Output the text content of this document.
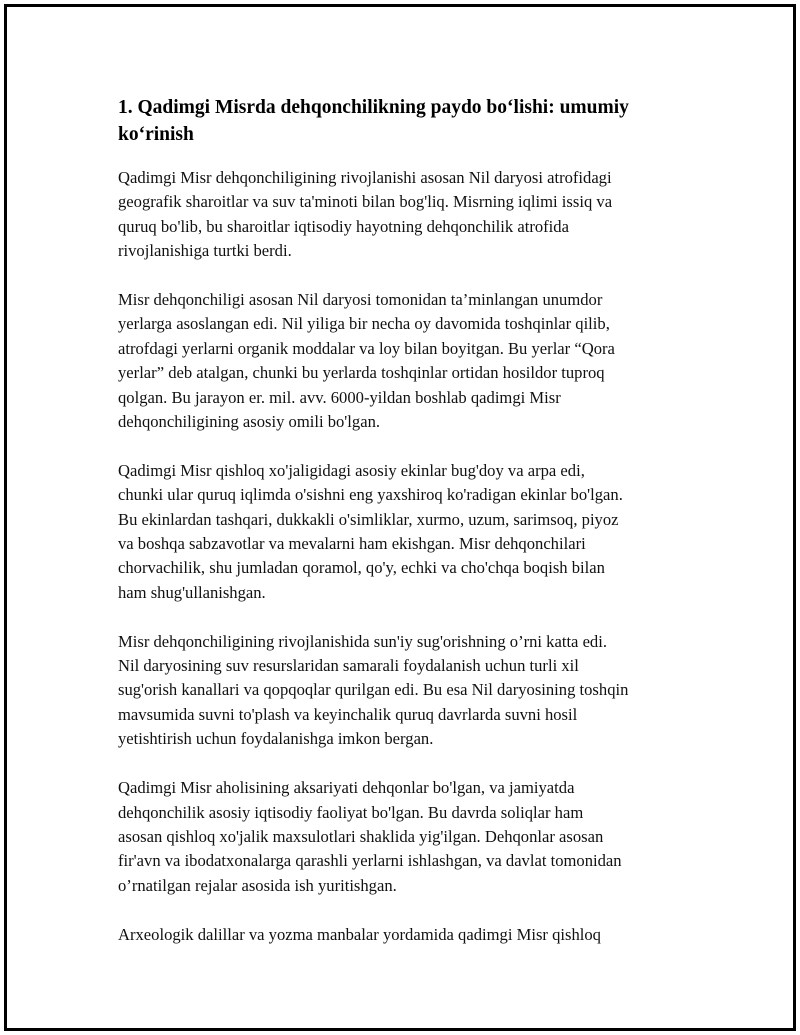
1. Qadimgi Misrda dehqonchilikning paydo bo‘lishi: umumiy
ko‘rinish

Qadimgi Misr dehqonchiligining rivojlanishi asosan Nil daryosi atrofidagi
geografik sharoitlar va suv ta'minoti bilan bog'liq. Misrning iqlimi issiq va
quruq bo'lib, bu sharoitlar iqtisodiy hayotning dehqonchilik atrofida
rivojlanishiga turtki berdi.

Misr dehqonchiligi asosan Nil daryosi tomonidan ta’minlangan unumdor
yerlarga asoslangan edi. Nil yiliga bir necha oy davomida toshqinlar qilib,
atrofdagi yerlarni organik moddalar va loy bilan boyitgan. Bu yerlar “Qora
yerlar” deb atalgan, chunki bu yerlarda toshqinlar ortidan hosildor tuproq
qolgan. Bu jarayon er. mil. avv. 6000-yildan boshlab qadimgi Misr
dehqonchiligining asosiy omili bo'lgan.

Qadimgi Misr qishloq xo'jaligidagi asosiy ekinlar bug'doy va arpa edi,
chunki ular quruq iqlimda o'sishni eng yaxshiroq ko'radigan ekinlar bo'lgan.
Bu ekinlardan tashqari, dukkakli o'simliklar, xurmo, uzum, sarimsoq, piyoz
va boshqa sabzavotlar va mevalarni ham ekishgan. Misr dehqonchilari
chorvachilik, shu jumladan qoramol, qo'y, echki va cho'chqa boqish bilan
ham shug'ullanishgan.

Misr dehqonchiligining rivojlanishida sun'iy sug'orishning o’rni katta edi.
Nil daryosining suv resurslaridan samarali foydalanish uchun turli xil
sug'orish kanallari va qopqoqlar qurilgan edi. Bu esa Nil daryosining toshqin
mavsumida suvni to'plash va keyinchalik quruq davrlarda suvni hosil
yetishtirish uchun foydalanishga imkon bergan.

Qadimgi Misr aholisining aksariyati dehqonlar bo'lgan, va jamiyatda
dehqonchilik asosiy iqtisodiy faoliyat bo'lgan. Bu davrda soliqlar ham
asosan qishloq xo'jalik maxsulotlari shaklida yig'ilgan. Dehqonlar asosan
fir'avn va ibodatxonalarga qarashli yerlarni ishlashgan, va davlat tomonidan
o’rnatilgan rejalar asosida ish yuritishgan.

Arxeologik dalillar va yozma manbalar yordamida qadimgi Misr qishloq
